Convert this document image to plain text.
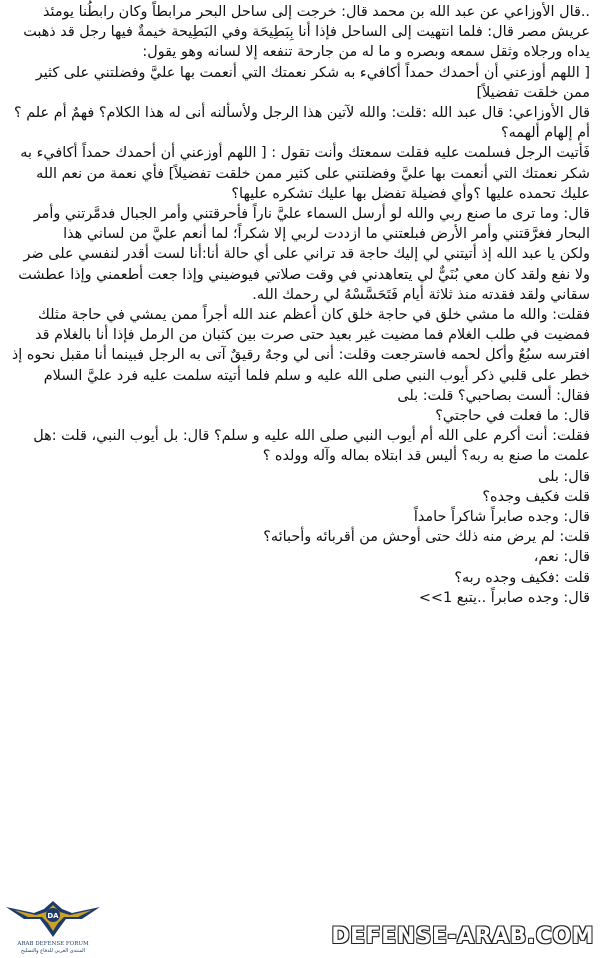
..قال الأوزاعي عن عبد الله بن محمد قال: خرجت إلى ساحل البحر مرابطاً وكان رابطُنا يومئذ عريش مصر قال: فلما انتهيت إلى الساحل فإذا أنا بِبَطِيحَة وفي البَطِيحة خيمةٌ فيها رجل قد ذهبت يداه ورجلاه وثقل سمعه وبصره و ما له من جارحة تنفعه إلا لسانه وهو يقول:

[ اللهم أوزعني أن أحمدك حمداً أكافيء به شكر نعمتك التي أنعمت بها عليَّ وفضلتني على كثير ممن خلقت تفضيلاً]

قال الأوزاعي: قال عبد الله :قلت: والله لآتين هذا الرجل ولأسألنه أنى له هذا الكلام؟ فهمٌ أم علم ؟أم إلهام ألهمه؟

فَأتيت الرجل فسلمت عليه فقلت سمعتك وأنت تقول : [ اللهم أوزعني أن أحمدك حمداً أكافيء به شكر نعمتك التي أنعمت بها عليَّ وفضلتني على كثير ممن خلقت تفضيلاً] فأي نعمة من نعم الله عليك تحمده عليها ؟وأي فضيلة تفضل بها عليك تشكره عليها؟

قال: وما ترى ما صنع ربي والله لو أرسل السماء عليَّ ناراً فأحرقتني وأمر الجبال فدمَّرتني وأمر البحار فغرَّقتني وأمر الأرض فبلعتني ما ازددت لربي إلا شكراً؛ لما أنعم عليَّ من لساني هذا

ولكن يا عبد الله إذ أتيتني لي إليك حاجة قد تراني على أي حالة أنا:أنا لست أقدر لنفسي على ضر ولا نفع ولقد كان معي بُنَيٌّ لي يتعاهدني في وقت صلاتي فيوضيني وإذا جعت أطعمني وإذا عطشت سقاني ولقد فقدته منذ ثلاثة أيام فَتَحَسَّسْهُ لي رحمك الله.

فقلت: والله ما مشي خلق في حاجة خلق كان أعظم عند الله أجراً ممن يمشي في حاجة مثلك

فمضيت في طلب الغلام فما مضيت غير بعيد حتى صرت بين كثبان من الرمل فإذا أنا بالغلام قد افترسه سبُعٌ وأكل لحمه فاسترجعت وقلت: أنى لي وجهٌ رقيقٌ آتى به الرجل فبينما أنا مقبل نحوه إذ خطر على قلبي ذكر أيوب النبي صلى الله عليه و سلم فلما أتيته سلمت عليه فرد عليَّ السلام

فقال: ألست بصاحبي؟ قلت: بلى

قال: ما فعلت في حاجتي؟

فقلت: أنت أكرم على الله أم أيوب النبي صلى الله عليه و سلم؟ قال: بل أيوب النبي، قلت :هل علمت ما صنع به ربه؟ أليس قد ابتلاه بماله وآله وولده ؟

قال: بلى

قلت فكيف وجده؟

قال: وجده صابراً شاكراً حامداً

قلت: لم يرض منه ذلك حتى أوحش من أقربائه وأحبائه؟

قال: نعم،

قلت :فكيف وجده ربه؟

قال: وجده صابراً ..يتبع 1>>

DA
ARAB DEFENSE FORUM
المنتدى العربي للدفاع والتسليح
DEFENSE-ARAB.COM
